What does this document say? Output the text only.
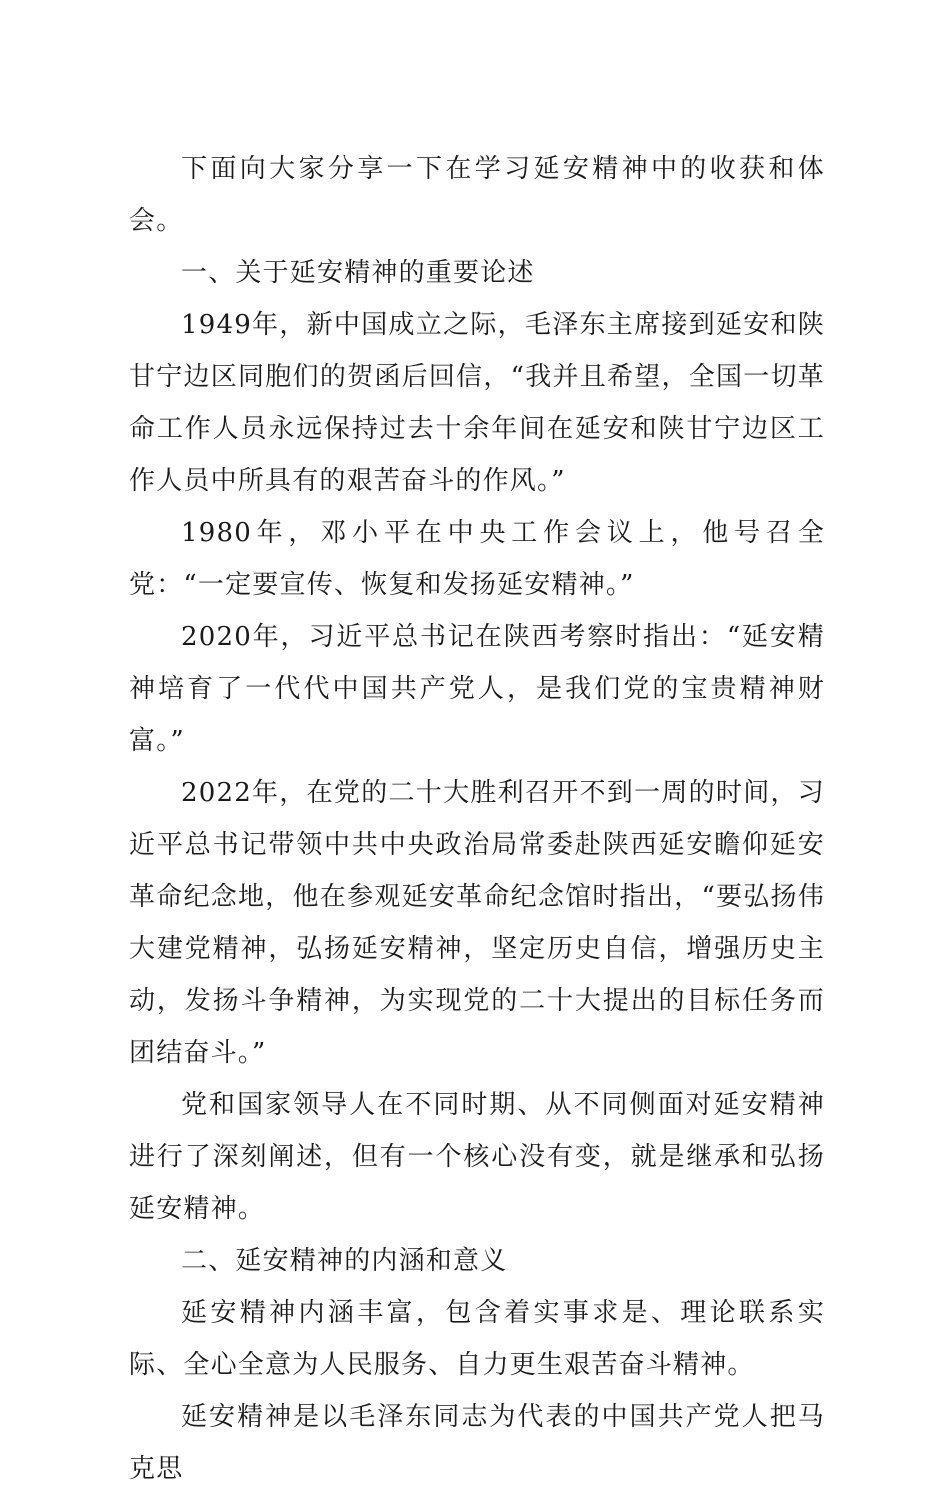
下面向大家分享一下在学习延安精神中的收获和体会。

一、关于延安精神的重要论述

1949年，新中国成立之际，毛泽东主席接到延安和陕甘宁边区同胞们的贺函后回信，“我并且希望，全国一切革命工作人员永远保持过去十余年间在延安和陕甘宁边区工作人员中所具有的艰苦奋斗的作风。”

1980年，邓小平在中央工作会议上，他号召全党：“一定要宣传、恢复和发扬延安精神。”

2020年，习近平总书记在陕西考察时指出：“延安精神培育了一代代中国共产党人，是我们党的宝贵精神财富。”

2022年，在党的二十大胜利召开不到一周的时间，习近平总书记带领中共中央政治局常委赴陕西延安瞻仰延安革命纪念地，他在参观延安革命纪念馆时指出，“要弘扬伟大建党精神，弘扬延安精神，坚定历史自信，增强历史主动，发扬斗争精神，为实现党的二十大提出的目标任务而团结奋斗。”

党和国家领导人在不同时期、从不同侧面对延安精神进行了深刻阐述，但有一个核心没有变，就是继承和弘扬延安精神。

二、延安精神的内涵和意义

延安精神内涵丰富，包含着实事求是、理论联系实际、全心全意为人民服务、自力更生艰苦奋斗精神。

延安精神是以毛泽东同志为代表的中国共产党人把马克思
